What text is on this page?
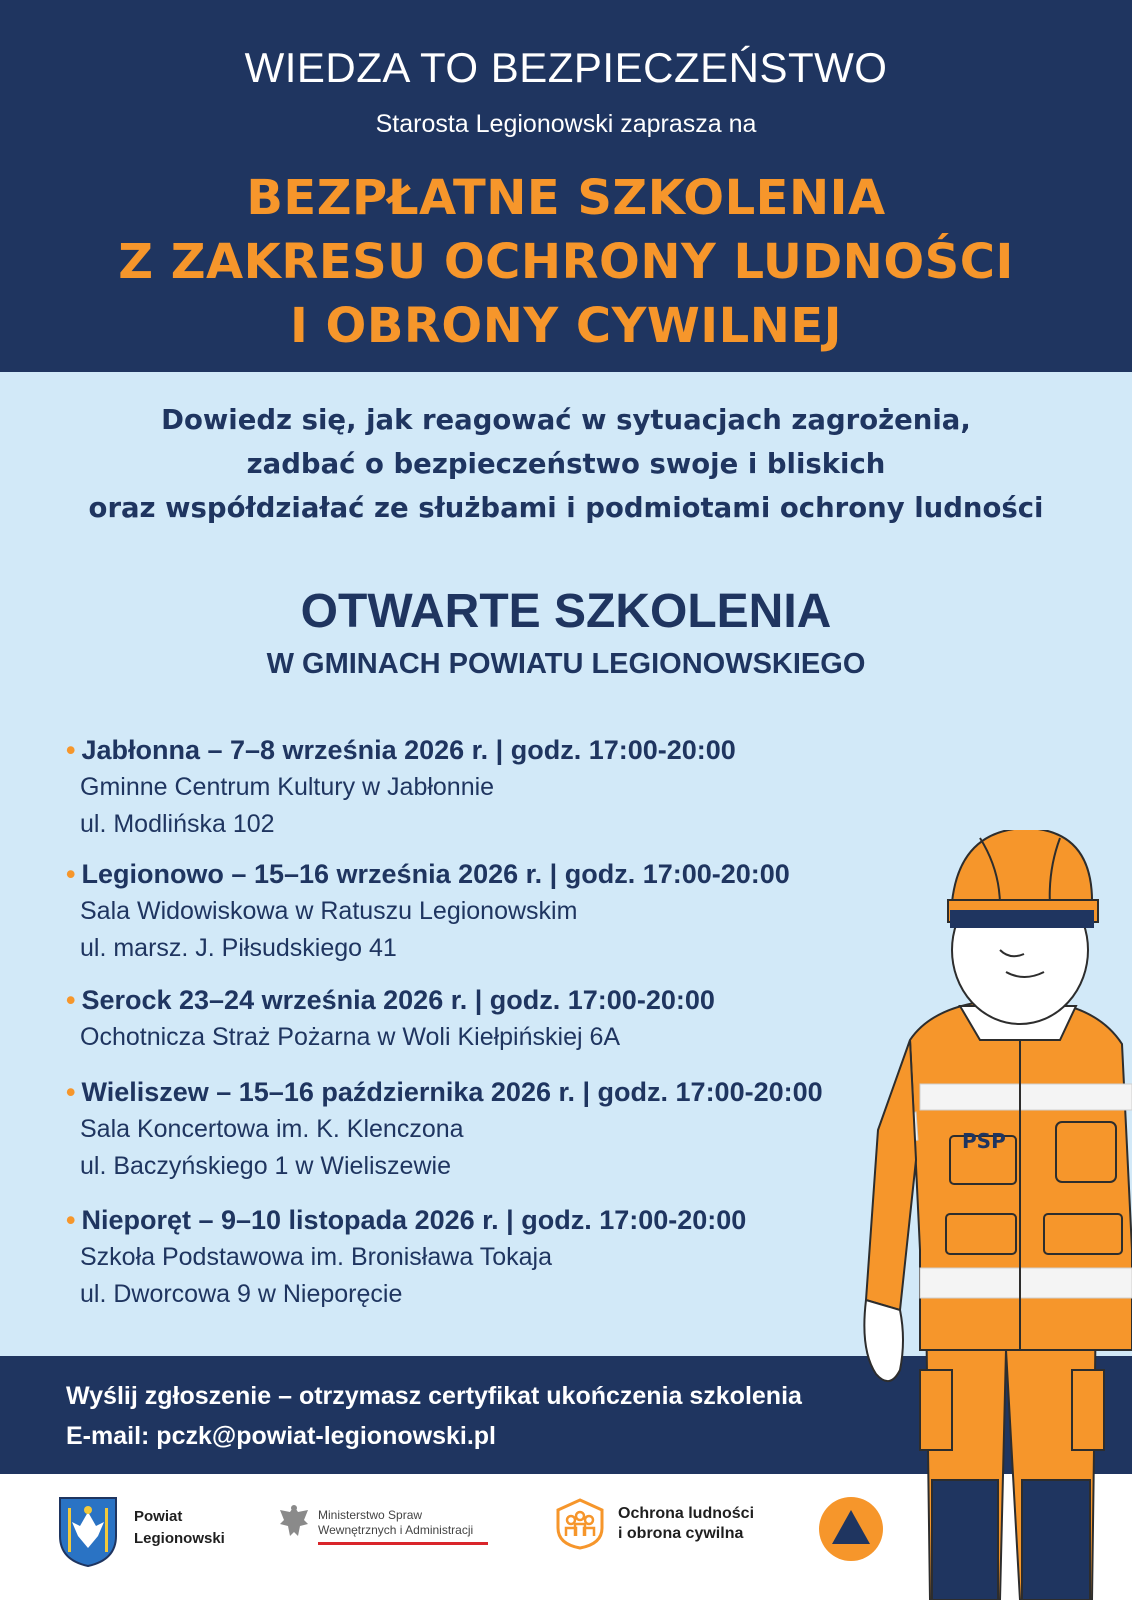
WIEDZA TO BEZPIECZEŃSTWO
Starosta Legionowski zaprasza na
BEZPŁATNE SZKOLENIA
Z ZAKRESU OCHRONY LUDNOŚCI
I OBRONY CYWILNEJ
Dowiedz się, jak reagować w sytuacjach zagrożenia,
zadbać o bezpieczeństwo swoje i bliskich
oraz współdziałać ze służbami i podmiotami ochrony ludności
OTWARTE SZKOLENIA
W GMINACH POWIATU LEGIONOWSKIEGO
• Jabłonna – 7–8 września 2026 r. | godz. 17:00-20:00
Gminne Centrum Kultury w Jabłonnie
ul. Modlińska 102
• Legionowo – 15–16 września 2026 r. | godz. 17:00-20:00
Sala Widowiskowa w Ratuszu Legionowskim
ul. marsz. J. Piłsudskiego 41
• Serock 23–24 września 2026 r. | godz. 17:00-20:00
Ochotnicza Straż Pożarna w Woli Kiełpińskiej 6A
• Wieliszew – 15–16 października 2026 r. | godz. 17:00-20:00
Sala Koncertowa im. K. Klenczona
ul. Baczyńskiego 1 w Wieliszewie
• Nieporęt – 9–10 listopada 2026 r. | godz. 17:00-20:00
Szkoła Podstawowa im. Bronisława Tokaja
ul. Dworcowa 9 w Nieporęcie
Wyślij zgłoszenie – otrzymasz certyfikat ukończenia szkolenia
E-mail: pczk@powiat-legionowski.pl
Powiat
Legionowski
Ministerstwo Spraw
Wewnętrznych i Administracji
Ochrona ludności
i obrona cywilna
PSP
